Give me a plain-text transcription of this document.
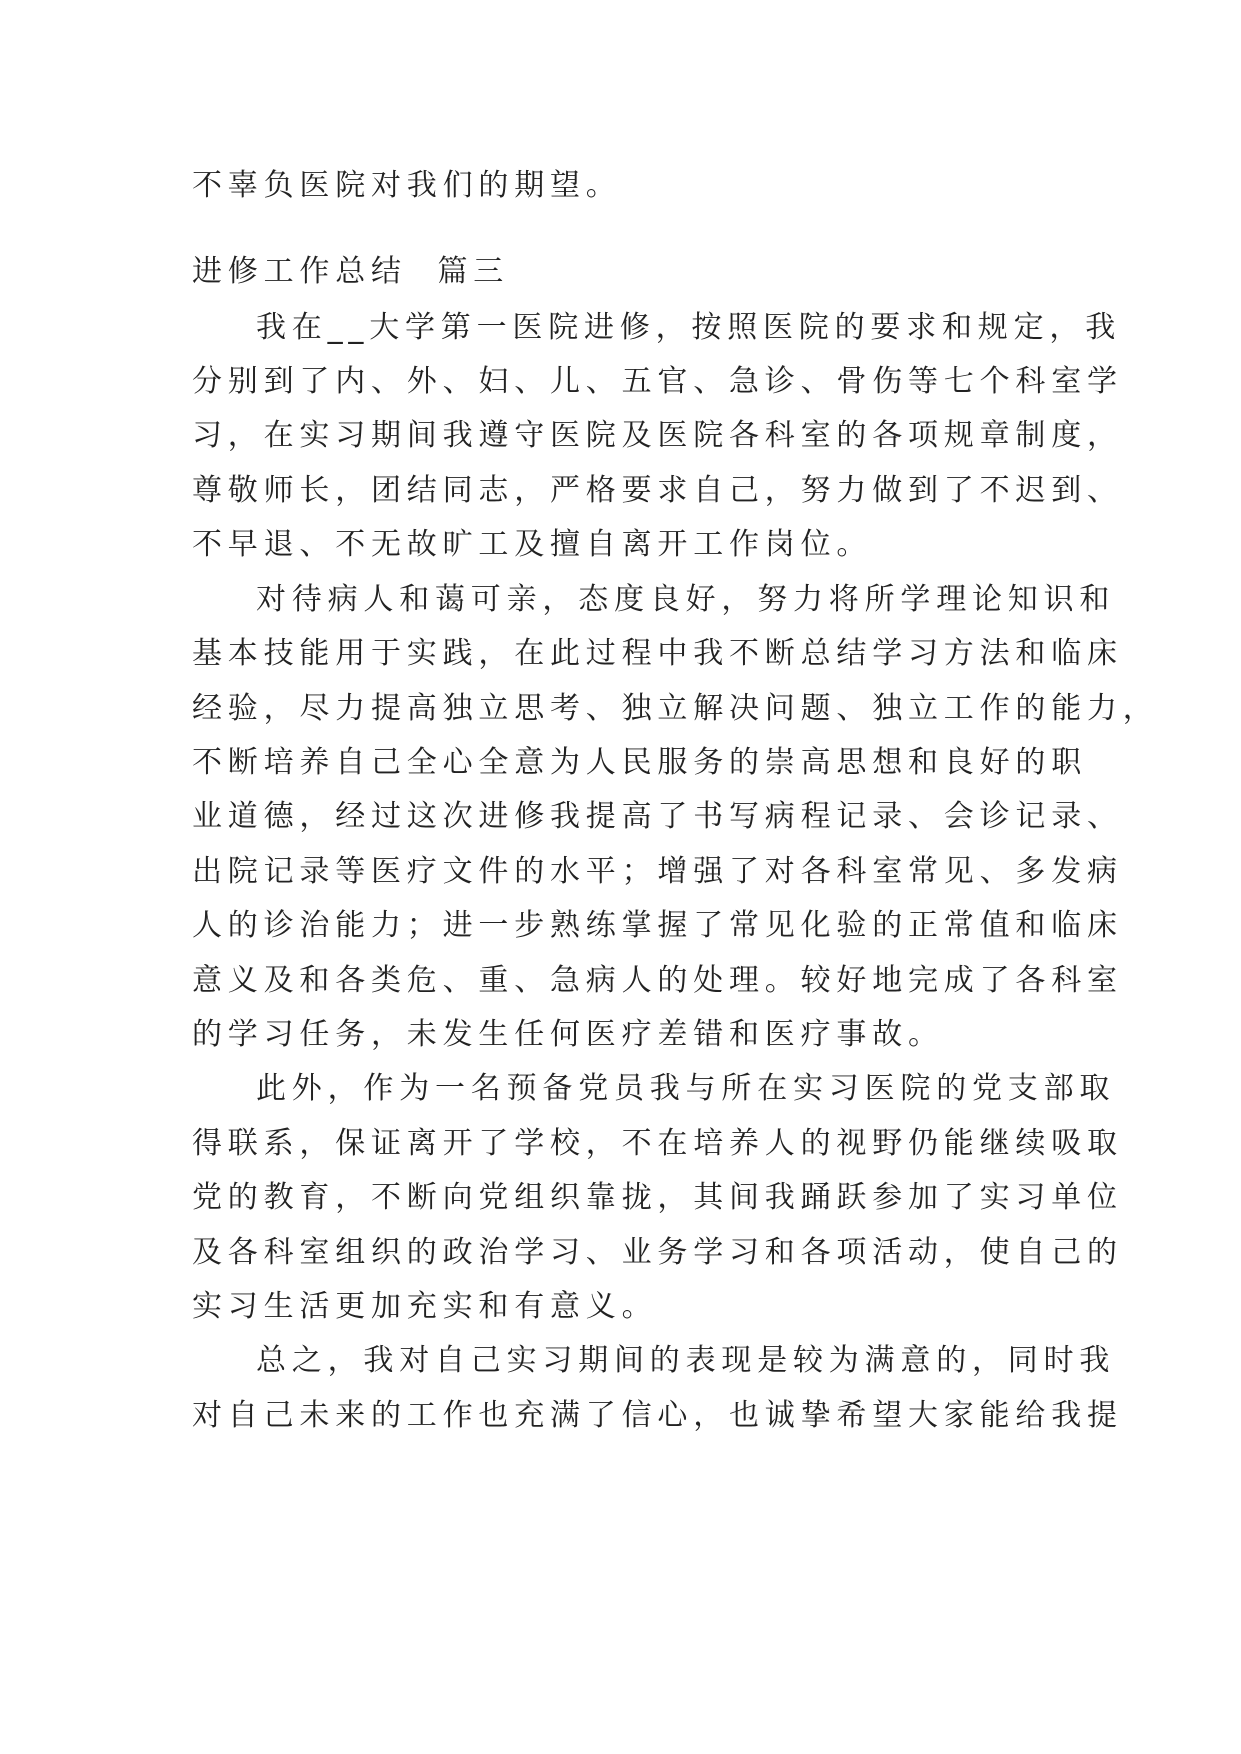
不辜负医院对我们的期望。
进修工作总结  篇三
我在__大学第一医院进修，按照医院的要求和规定，我
分别到了内、外、妇、儿、五官、急诊、骨伤等七个科室学
习，在实习期间我遵守医院及医院各科室的各项规章制度，
尊敬师长，团结同志，严格要求自己，努力做到了不迟到、
不早退、不无故旷工及擅自离开工作岗位。
对待病人和蔼可亲，态度良好，努力将所学理论知识和
基本技能用于实践，在此过程中我不断总结学习方法和临床
经验，尽力提高独立思考、独立解决问题、独立工作的能力，
不断培养自己全心全意为人民服务的崇高思想和良好的职
业道德，经过这次进修我提高了书写病程记录、会诊记录、
出院记录等医疗文件的水平；增强了对各科室常见、多发病
人的诊治能力；进一步熟练掌握了常见化验的正常值和临床
意义及和各类危、重、急病人的处理。较好地完成了各科室
的学习任务，未发生任何医疗差错和医疗事故。
此外，作为一名预备党员我与所在实习医院的党支部取
得联系，保证离开了学校，不在培养人的视野仍能继续吸取
党的教育，不断向党组织靠拢，其间我踊跃参加了实习单位
及各科室组织的政治学习、业务学习和各项活动，使自己的
实习生活更加充实和有意义。
总之，我对自己实习期间的表现是较为满意的，同时我
对自己未来的工作也充满了信心，也诚挚希望大家能给我提
